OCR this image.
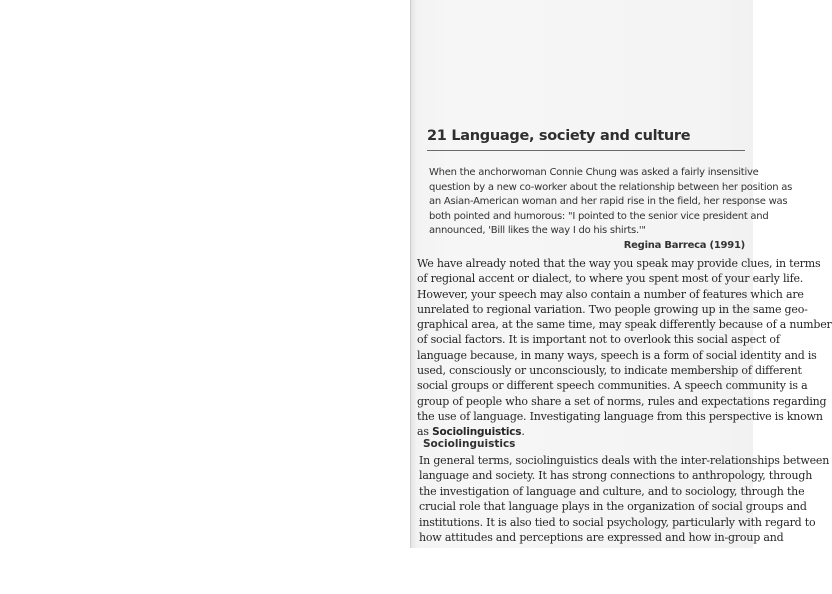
21 Language, society and culture
When the anchorwoman Connie Chung was asked a fairly insensitive
question by a new co-worker about the relationship between her position as
an Asian-American woman and her rapid rise in the field, her response was
both pointed and humorous: "I pointed to the senior vice president and
announced, 'Bill likes the way I do his shirts.'"
Regina Barreca (1991)
We have already noted that the way you speak may provide clues, in terms
of regional accent or dialect, to where you spent most of your early life.
However, your speech may also contain a number of features which are
unrelated to regional variation. Two people growing up in the same geo-
graphical area, at the same time, may speak differently because of a number
of social factors. It is important not to overlook this social aspect of
language because, in many ways, speech is a form of social identity and is
used, consciously or unconsciously, to indicate membership of different
social groups or different speech communities. A speech community is a
group of people who share a set of norms, rules and expectations regarding
the use of language. Investigating language from this perspective is known
as Sociolinguistics.
Sociolinguistics
In general terms, sociolinguistics deals with the inter-relationships between
language and society. It has strong connections to anthropology, through
the investigation of language and culture, and to sociology, through the
crucial role that language plays in the organization of social groups and
institutions. It is also tied to social psychology, particularly with regard to
how attitudes and perceptions are expressed and how in-group and
